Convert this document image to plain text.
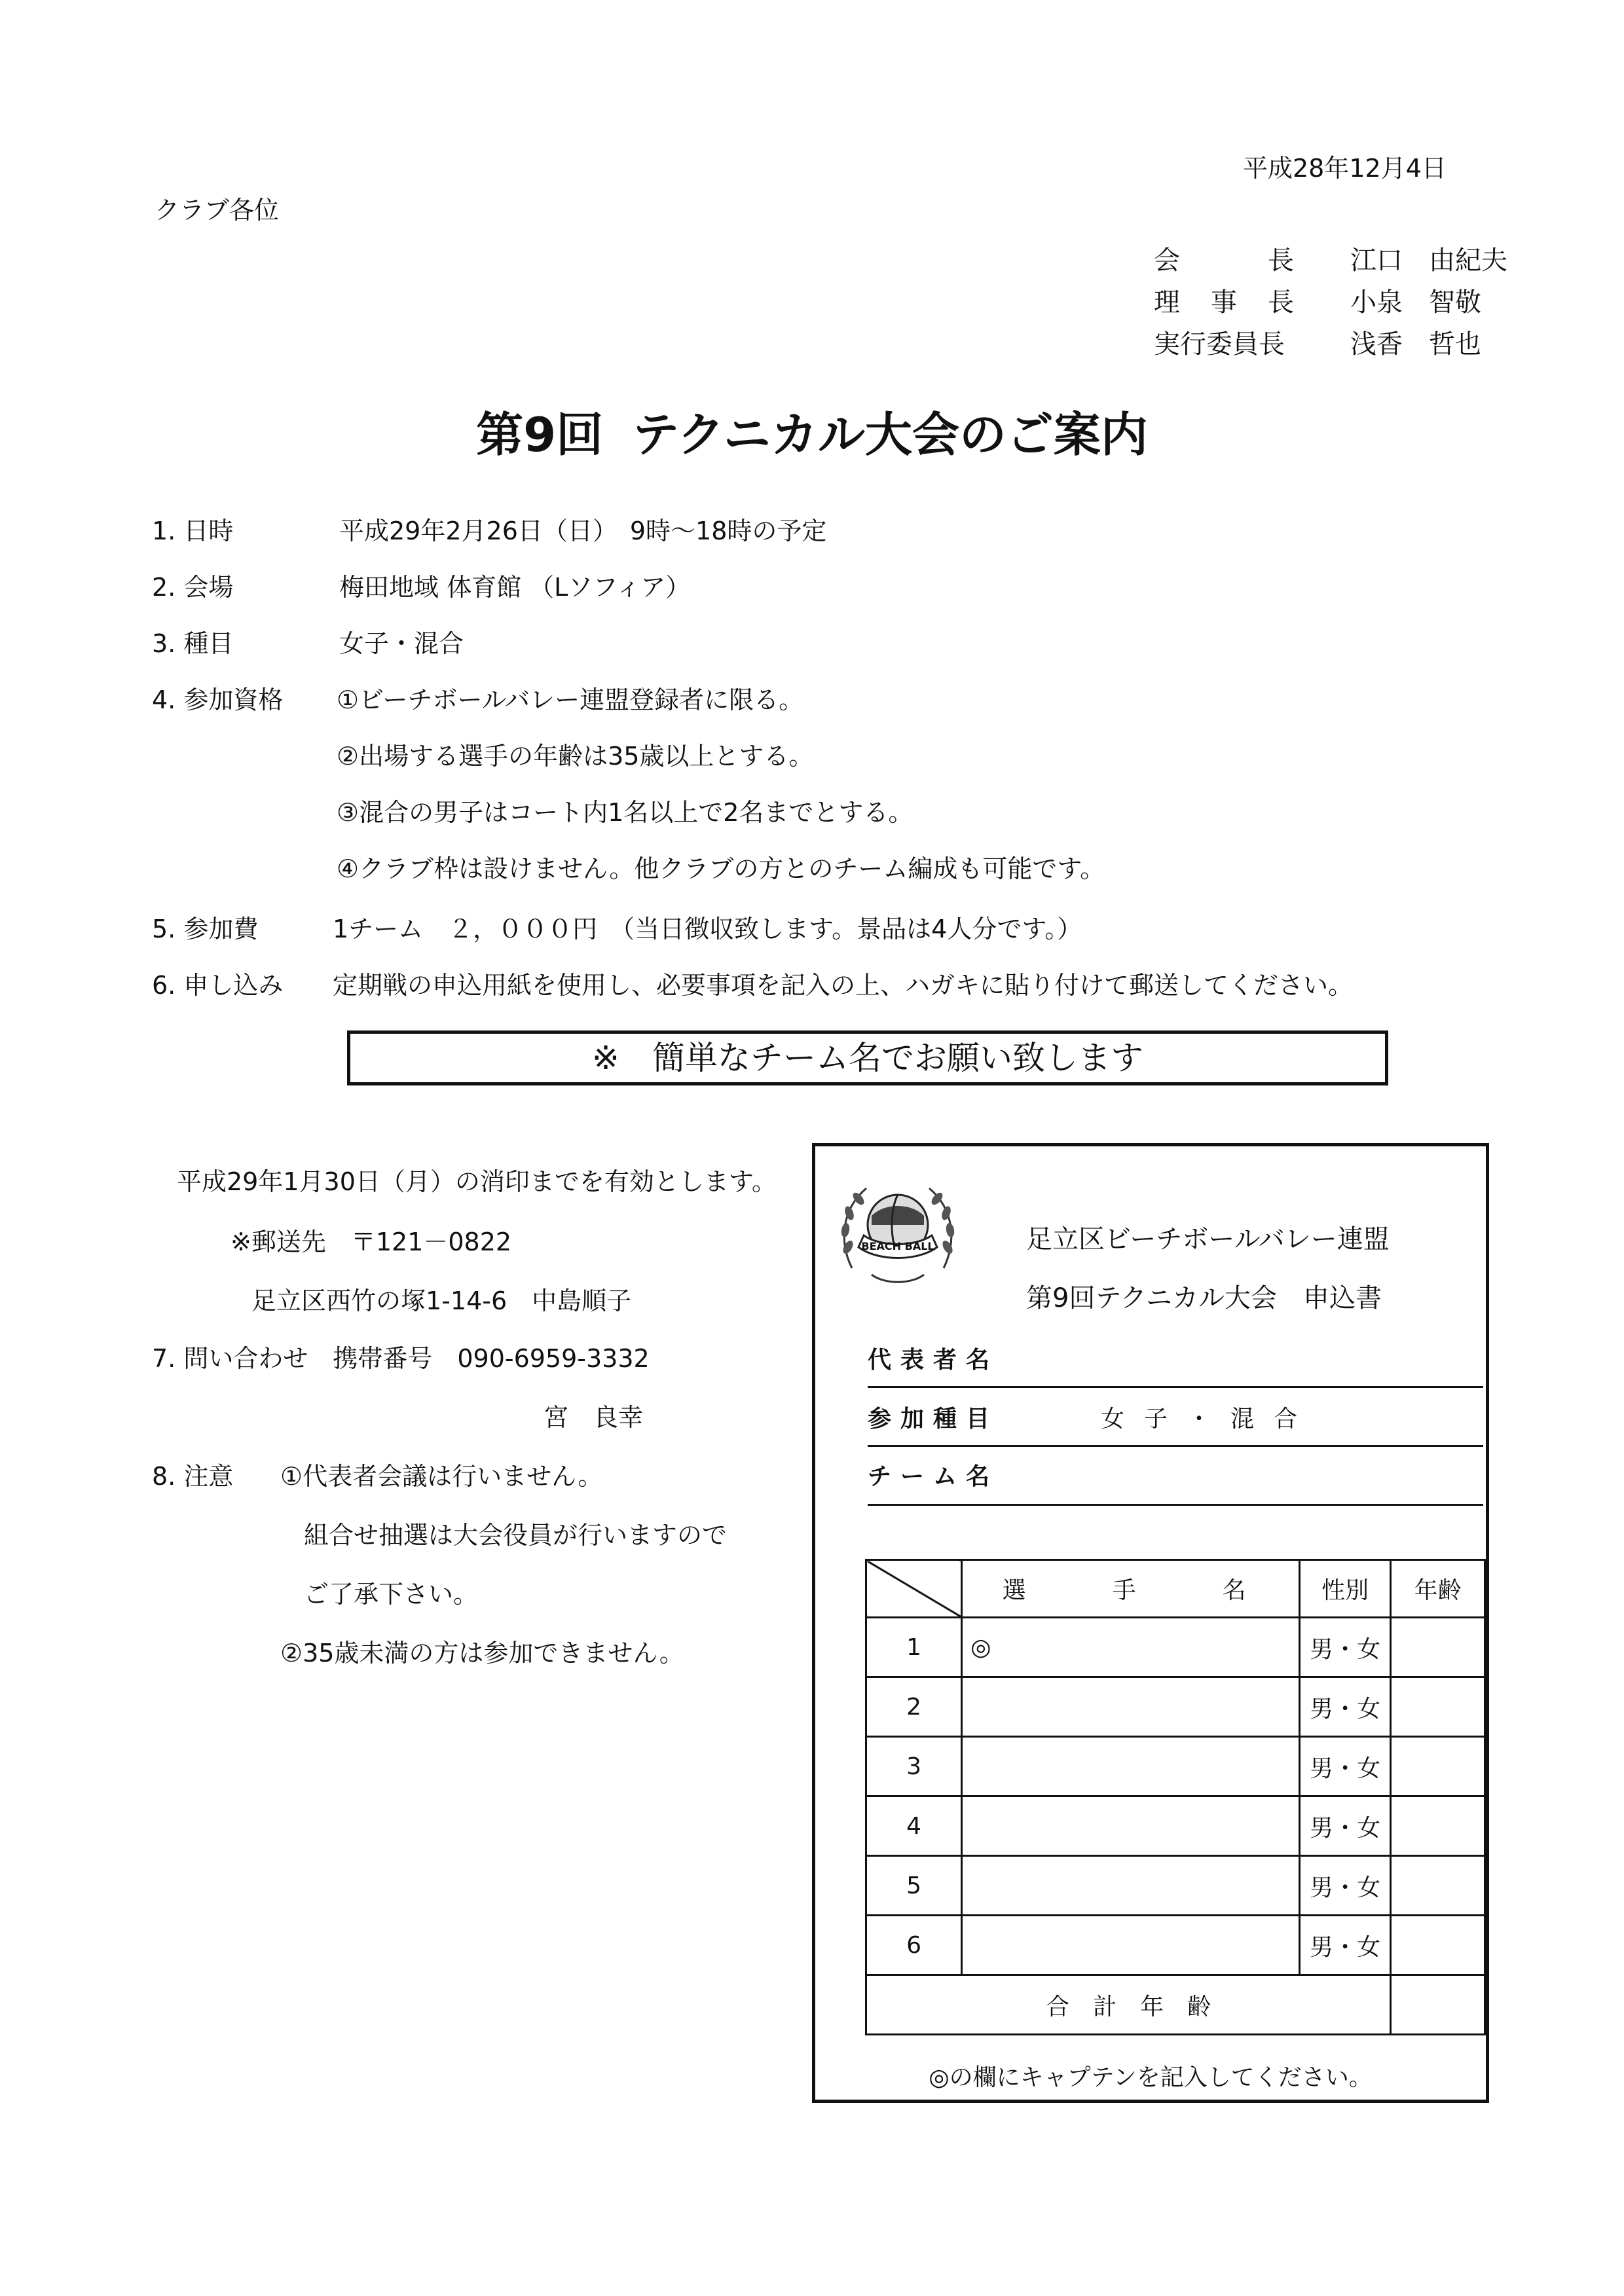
平成28年12月4日
クラブ各位
会	長 江口　由紀夫
理 事 長 小泉　智敬
実行委員長	浅香　哲也
第9回 テクニカル大会のご案内
1. 日時	平成29年2月26日（日）　9時～18時の予定
2. 会場	梅田地域 体育館 （Lソフィア）
3. 種目	女子・混合
4. 参加資格 ①ビーチボールバレー連盟登録者に限る。
②出場する選手の年齢は35歳以上とする。
③混合の男子はコート内1名以上で2名までとする。
④クラブ枠は設けません。他クラブの方とのチーム編成も可能です。
5. 参加費	1チーム　２，０００円　（当日徴収致します。景品は4人分です。）
6. 申し込み 定期戦の申込用紙を使用し、必要事項を記入の上、ハガキに貼り付けて郵送してください。
※　簡単なチーム名でお願い致します
平成29年1月30日（月）の消印までを有効とします。
※郵送先　〒121－0822
足立区西竹の塚1-14-6　中島順子
7. 問い合わせ　携帯番号　090-6959-3332
宮　良幸
8. 注意 ①代表者会議は行いません。
組合せ抽選は大会役員が行いますので
ご了承下さい。
②35歳未満の方は参加できません。
BEACH BALL	足立区ビーチボールバレー連盟
第9回テクニカル大会　申込書
代表者名
参加種目	女子・混合
チーム名
	選　　手　　名	性別	年齢
1	◎	男・女	
2		男・女	
3		男・女	
4		男・女	
5		男・女	
6		男・女	
合　計　年　齢			
◎の欄にキャプテンを記入してください。
